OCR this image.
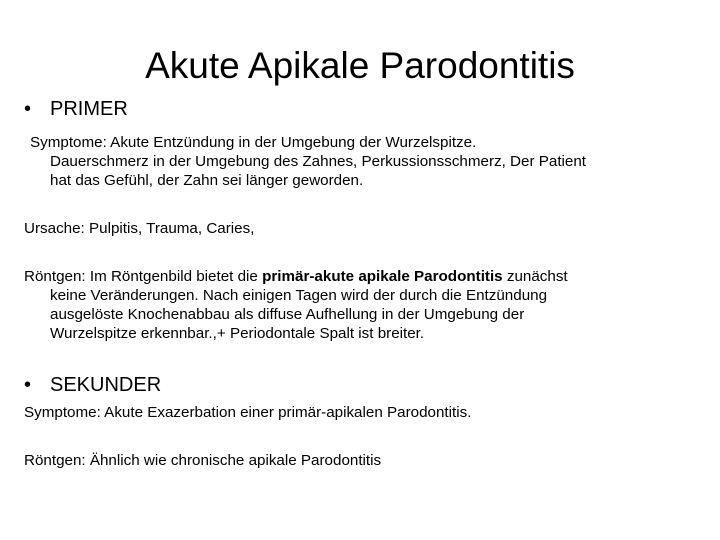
Akute Apikale Parodontitis
• PRIMER
Symptome: Akute Entzündung in der Umgebung der Wurzelspitze.
Dauerschmerz in der Umgebung des Zahnes, Perkussionsschmerz, Der Patient
hat das Gefühl, der Zahn sei länger geworden.
Ursache: Pulpitis, Trauma, Caries,
Röntgen: Im Röntgenbild bietet die primär-akute apikale Parodontitis zunächst
keine Veränderungen. Nach einigen Tagen wird der durch die Entzündung
ausgelöste Knochenabbau als diffuse Aufhellung in der Umgebung der
Wurzelspitze erkennbar.,+ Periodontale Spalt ist breiter.
• SEKUNDER
Symptome: Akute Exazerbation einer primär-apikalen Parodontitis.
Röntgen: Ähnlich wie chronische apikale Parodontitis
